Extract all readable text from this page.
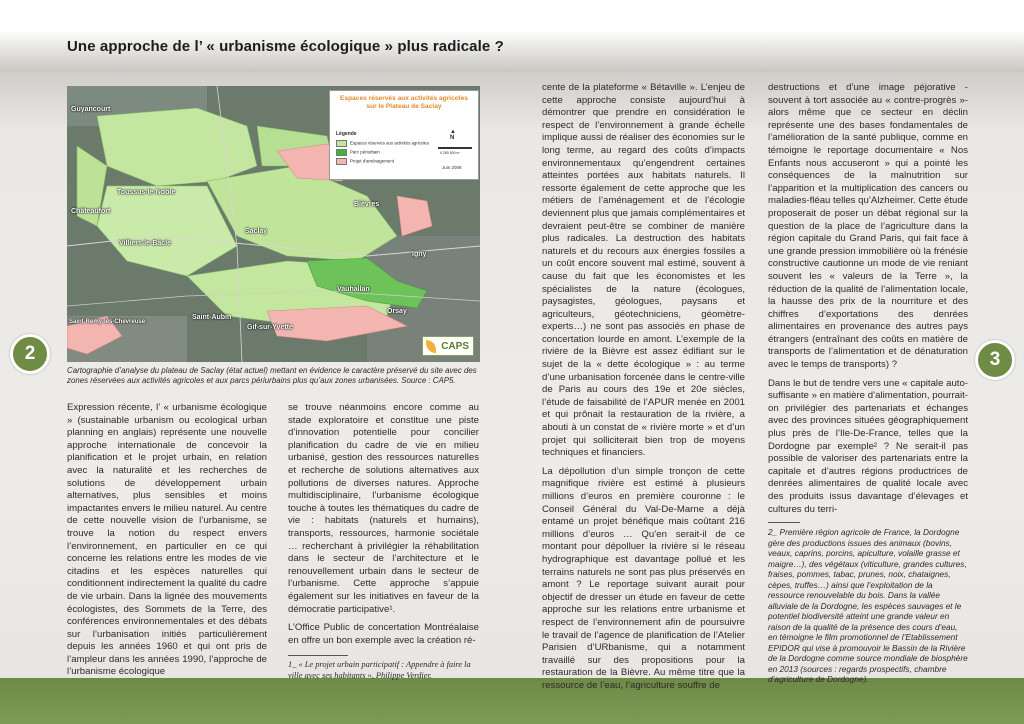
Une approche de l’ « urbanisme écologique » plus radicale ?
Espaces réservés aux activités agricoles
sur le Plateau de Saclay
Légende
Espaces réservés aux activités agricoles
Parc périurbain
Projet d'aménagement
▲
N
0 250 500 m
Juin 2008
Guyancourt
Toussus-le-Noble
Châteaufort
Villiers-le-Bâcle
Bièvres
Saclay
Vauhallan
Saint-Aubin
Gif-sur-Yvette
Saint-Rémy-lès-Chevreuse
Orsay
Igny
CAPS
Cartographie d’analyse du plateau de Saclay (état actuel) mettant en évidence le caractère préservé du site avec des zones réservées aux activités agricoles et aux parcs périurbains plus qu’aux zones urbanisées. Source : CAP5.
2	3

Expression récente, l’ « urbanisme écologique » (sustainable urbanism ou ecological urban planning en anglais) représente une nouvelle approche internationale de concevoir la planification et le projet urbain, en relation avec la naturalité et les recherches de solutions de développement urbain alternatives, plus sensibles et moins impactantes envers le milieu naturel. Au centre de cette nouvelle vision de l’urbanisme, se trouve la notion du respect envers l’environnement, en particulier en ce qui concerne les relations entre les modes de vie citadins et les espèces naturelles qui conditionnent indirectement la qualité du cadre de vie urbain. Dans la lignée des mouvements écologistes, des Sommets de la Terre, des conférences environnementales et des débats sur l’urbanisation initiés particulièrement depuis les années 1960 et qui ont pris de l’ampleur dans les années 1990, l’approche de l’urbanisme écologique

se trouve néanmoins encore comme au stade exploratoire et constitue une piste d’innovation potentielle pour concilier planification du cadre de vie en milieu urbanisé, gestion des ressources naturelles et recherche de solutions alternatives aux pollutions de diverses natures. Approche multidisciplinaire, l’urbanisme écologique touche à toutes les thématiques du cadre de vie : habitats (naturels et humains), transports, ressources, harmonie sociétale … recherchant à privilégier la réhabilitation dans le secteur de l’architecture et le renouvellement urbain dans le secteur de l’urbanisme. Cette approche s’appuie également sur les initiatives en faveur de la démocratie participative¹.

L’Office Public de concertation Montréalaise en offre un bon exemple avec la création ré-

1_ « Le projet urbain participatif : Appendre à faire la ville avec ses habitants », Philippe Verdier.

cente de la plateforme « Bétaville ». L’enjeu de cette approche consiste aujourd’hui à démontrer que prendre en considération le respect de l’environnement à grande échelle implique aussi de réaliser des économies sur le long terme, au regard des coûts d’impacts environnementaux qu’engendrent certaines atteintes portées aux habitats naturels. Il ressorte également de cette approche que les métiers de l’aménagement et de l’écologie deviennent plus que jamais complémentaires et devraient peut-être se combiner de manière plus radicales. La destruction des habitats naturels et du recours aux énergies fossiles a un coût encore souvent mal estimé, souvent à cause du fait que les économistes et les spécialistes de la nature (écologues, paysagistes, géologues, paysans et agriculteurs, géotechniciens, géomètre-experts…) ne sont pas associés en phase de concertation lourde en amont. L’exemple de la rivière de la Bièvre est assez édifiant sur le sujet de la « dette écologique » : au terme d’une urbanisation forcenée dans le centre-ville de Paris au cours des 19e et 20e siècles, l’étude de faisabilité de l’APUR menée en 2001 et qui prônait la restauration de la rivière, a abouti à un constat de « rivière morte » et d’un projet qui solliciterait bien trop de moyens techniques et financiers.

La dépollution d’un simple tronçon de cette magnifique rivière est estimé à plusieurs millions d’euros en première couronne : le Conseil Général du Val-De-Marne a déjà entamé un projet bénéfique mais coûtant 216 millions d’euros … Qu’en serait-il de ce montant pour dépolluer la rivière si le réseau hydrographique est davantage pollué et les terrains naturels ne sont pas plus préservés en amont ? Le reportage suivant aurait pour objectif de dresser un étude en faveur de cette approche sur les relations entre urbanisme et respect de l’environnement afin de poursuivre le travail de l’agence de planification de l’Atelier Parisien d’URbanisme, qui a notamment travaillé sur des propositions pour la restauration de la Bièvre. Au même titre que la ressource de l’eau, l’agriculture souffre de

destructions et d’une image péjorative -souvent à tort associée au « contre-progrès »- alors même que ce secteur en déclin représente une des bases fondamentales de l’amélioration de la santé publique, comme en témoigne le reportage documentaire « Nos Enfants nous accuseront » qui a pointé les conséquences de la malnutrition sur l’apparition et la multiplication des cancers ou maladies-fléau telles qu’Alzheimer. Cette étude proposerait de poser un débat régional sur la question de la place de l’agriculture dans la région capitale du Grand Paris, qui fait face à une grande pression immobilière où la frénésie constructive cautionne un mode de vie reniant souvent les « valeurs de la Terre », la réduction de la qualité de l’alimentation locale, la hausse des prix de la nourriture et des chiffres d’exportations des denrées alimentaires en provenance des autres pays étrangers (entraînant des coûts en matière de transports de l’alimentation et de dénaturation avec le temps de transports) ?

Dans le but de tendre vers une « capitale auto-suffisante » en matière d’alimentation, pourrait-on privilégier des partenariats et échanges avec des provinces situées géographiquement plus près de l’Ile-De-France, telles que la Dordogne par exemple² ? Ne serait-il pas possible de valoriser des partenariats entre la capitale et d’autres régions productrices de denrées alimentaires de qualité locale avec des produits issus davantage d’élevages et cultures du terri-

2_ Première région agricole de France, la Dordogne gère des productions issues des animaux (bovins, veaux, caprins, porcins, apiculture, volaille grasse et maigre…), des végétaux (viticulture, grandes cultures, fraises, pommes, tabac, prunes, noix, chataignes, cèpes, truffes…) ainsi que l’exploitation de la ressource renouvelable du bois. Dans la vallée alluviale de la Dordogne, les espèces sauvages et le potentiel biodiversité atteint une grande valeur en raison de la qualité de la présence des cours d’eau, en témoigne le film promotionnel de l’Etablissement EPIDOR qui vise à promouvoir le Bassin de la Rivière de la Dordogne comme source mondiale de biosphère en 2013 (sources : regards prospectifs, chambre d’agriculture de Dordogne).
